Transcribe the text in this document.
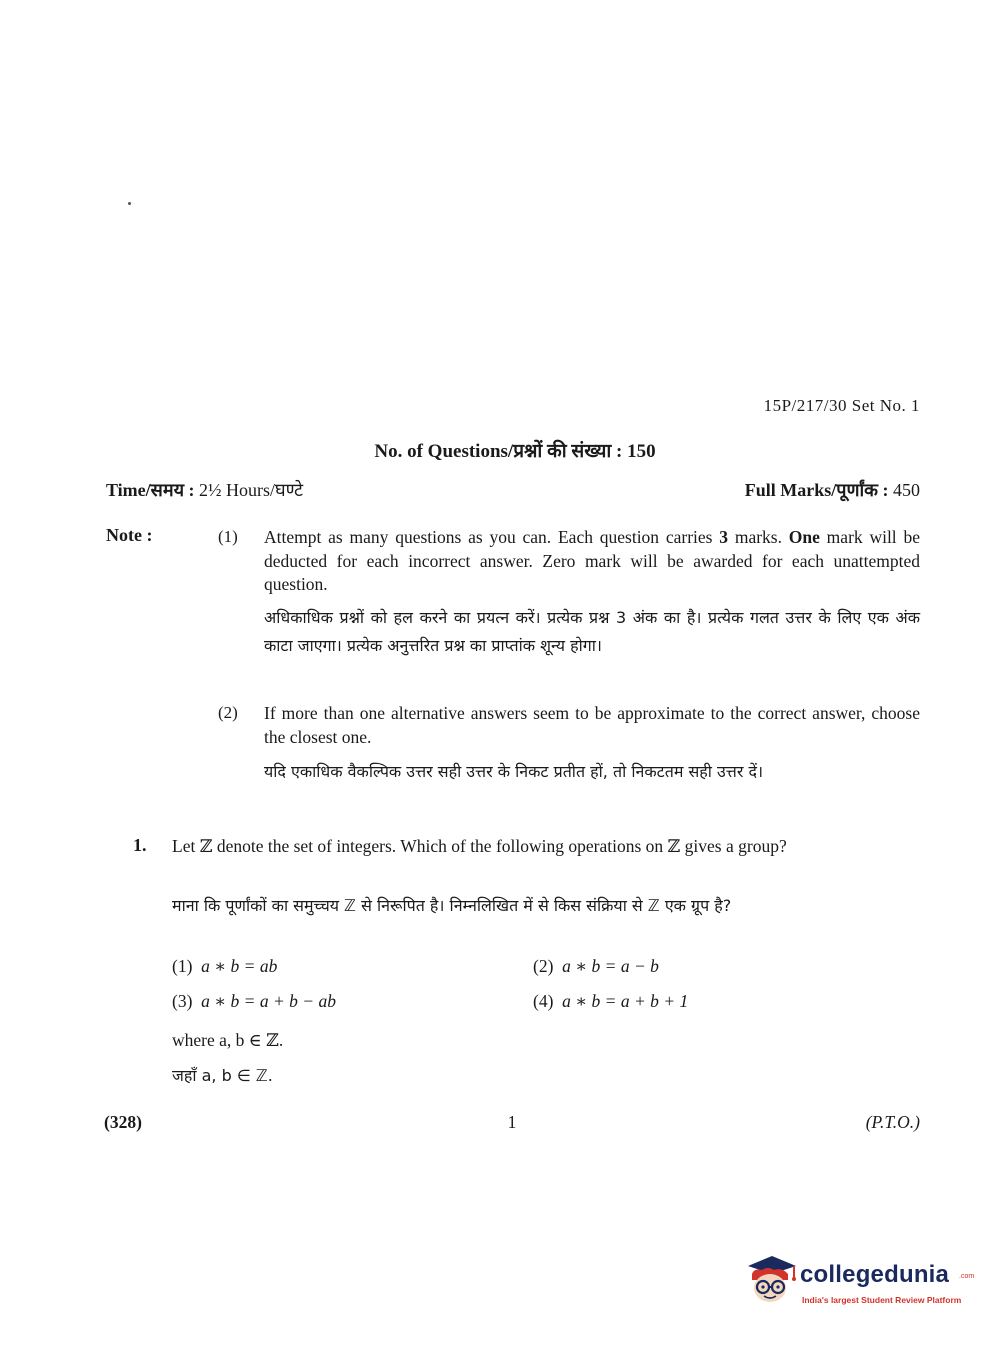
15P/217/30 Set No. 1
No. of Questions/प्रश्नों की संख्या : 150
Time/समय : 2½ Hours/घण्टे	Full Marks/पूर्णांक : 450
Note :	(1) Attempt as many questions as you can. Each question carries 3 marks. One mark will be deducted for each incorrect answer. Zero mark will be awarded for each unattempted question.
अधिकाधिक प्रश्नों को हल करने का प्रयत्न करें। प्रत्येक प्रश्न 3 अंक का है। प्रत्येक गलत उत्तर के लिए एक अंक काटा जाएगा। प्रत्येक अनुत्तरित प्रश्न का प्राप्तांक शून्य होगा।
(2) If more than one alternative answers seem to be approximate to the correct answer, choose the closest one.
यदि एकाधिक वैकल्पिक उत्तर सही उत्तर के निकट प्रतीत हों, तो निकटतम सही उत्तर दें।
1. Let ℤ denote the set of integers. Which of the following operations on ℤ gives a group?
माना कि पूर्णांकों का समुच्चय ℤ से निरूपित है। निम्नलिखित में से किस संक्रिया से ℤ एक ग्रूप है?
(1) a ∗ b = ab	(2) a ∗ b = a − b
(3) a ∗ b = a + b − ab	(4) a ∗ b = a + b + 1
where a, b ∈ ℤ.
जहाँ a, b ∈ ℤ.
(328)	1	(P.T.O.)
collegedunia .com
India's largest Student Review Platform
